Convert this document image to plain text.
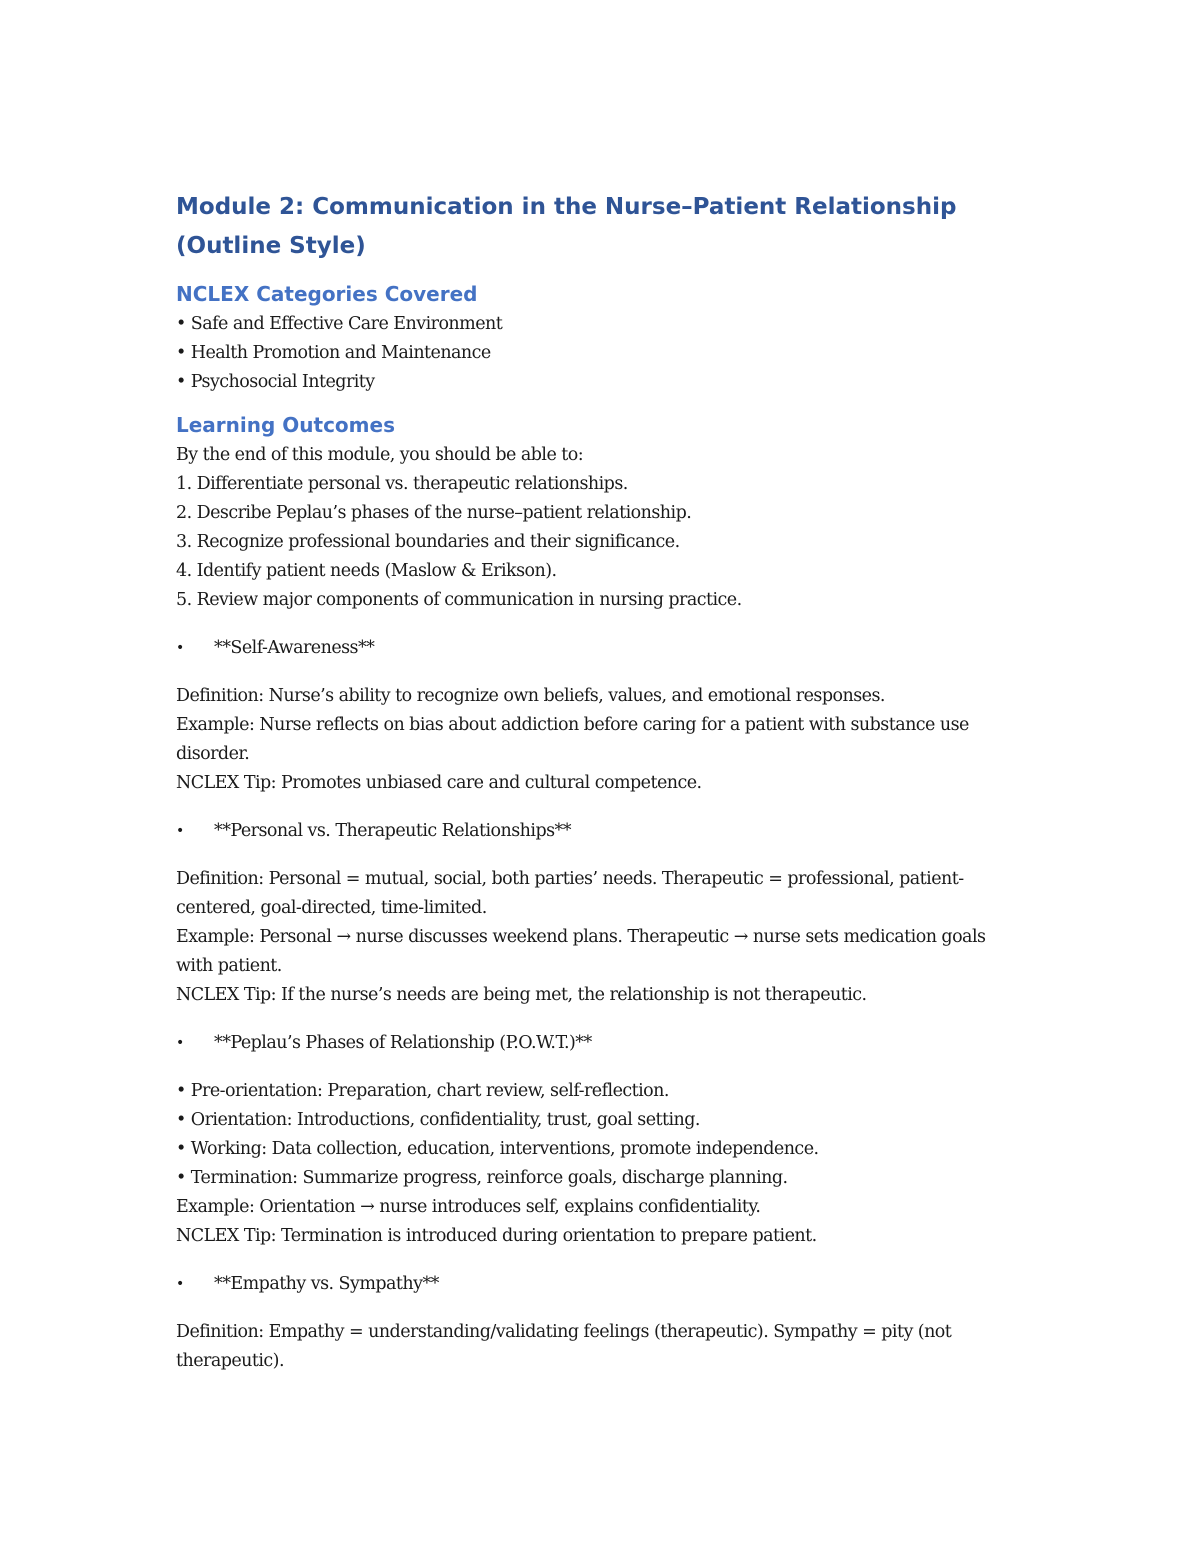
Module 2: Communication in the Nurse–Patient Relationship (Outline Style)
NCLEX Categories Covered
• Safe and Effective Care Environment
• Health Promotion and Maintenance
• Psychosocial Integrity
Learning Outcomes
By the end of this module, you should be able to:
1. Differentiate personal vs. therapeutic relationships.
2. Describe Peplau’s phases of the nurse–patient relationship.
3. Recognize professional boundaries and their significance.
4. Identify patient needs (Maslow & Erikson).
5. Review major components of communication in nursing practice.
•	**Self-Awareness**
Definition: Nurse’s ability to recognize own beliefs, values, and emotional responses.
Example: Nurse reflects on bias about addiction before caring for a patient with substance use disorder.
NCLEX Tip: Promotes unbiased care and cultural competence.
•	**Personal vs. Therapeutic Relationships**
Definition: Personal = mutual, social, both parties’ needs. Therapeutic = professional, patient-centered, goal-directed, time-limited.
Example: Personal → nurse discusses weekend plans. Therapeutic → nurse sets medication goals with patient.
NCLEX Tip: If the nurse’s needs are being met, the relationship is not therapeutic.
•	**Peplau’s Phases of Relationship (P.O.W.T.)**
• Pre-orientation: Preparation, chart review, self-reflection.
• Orientation: Introductions, confidentiality, trust, goal setting.
• Working: Data collection, education, interventions, promote independence.
• Termination: Summarize progress, reinforce goals, discharge planning.
Example: Orientation → nurse introduces self, explains confidentiality.
NCLEX Tip: Termination is introduced during orientation to prepare patient.
•	**Empathy vs. Sympathy**
Definition: Empathy = understanding/validating feelings (therapeutic). Sympathy = pity (not therapeutic).
